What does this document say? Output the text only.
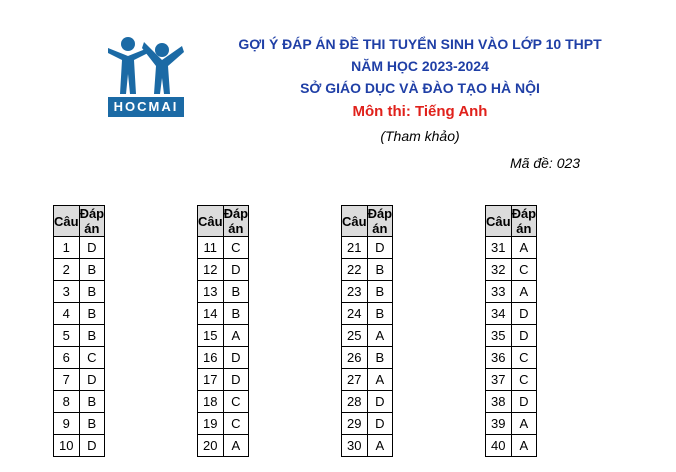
HOCMAI
GỢI Ý ĐÁP ÁN ĐỀ THI TUYỂN SINH VÀO LỚP 10 THPT
NĂM HỌC 2023-2024
SỞ GIÁO DỤC VÀ ĐÀO TẠO HÀ NỘI
Môn thi: Tiếng Anh
(Tham khảo)
Mã đề: 023
Câu	Đáp án
1	D
2	B
3	B
4	B
5	B
6	C
7	D
8	B
9	B
10	D
Câu	Đáp án
11	C
12	D
13	B
14	B
15	A
16	D
17	D
18	C
19	C
20	A
Câu	Đáp án
21	D
22	B
23	B
24	B
25	A
26	B
27	A
28	D
29	D
30	A
Câu	Đáp án
31	A
32	C
33	A
34	D
35	D
36	C
37	C
38	D
39	A
40	A
